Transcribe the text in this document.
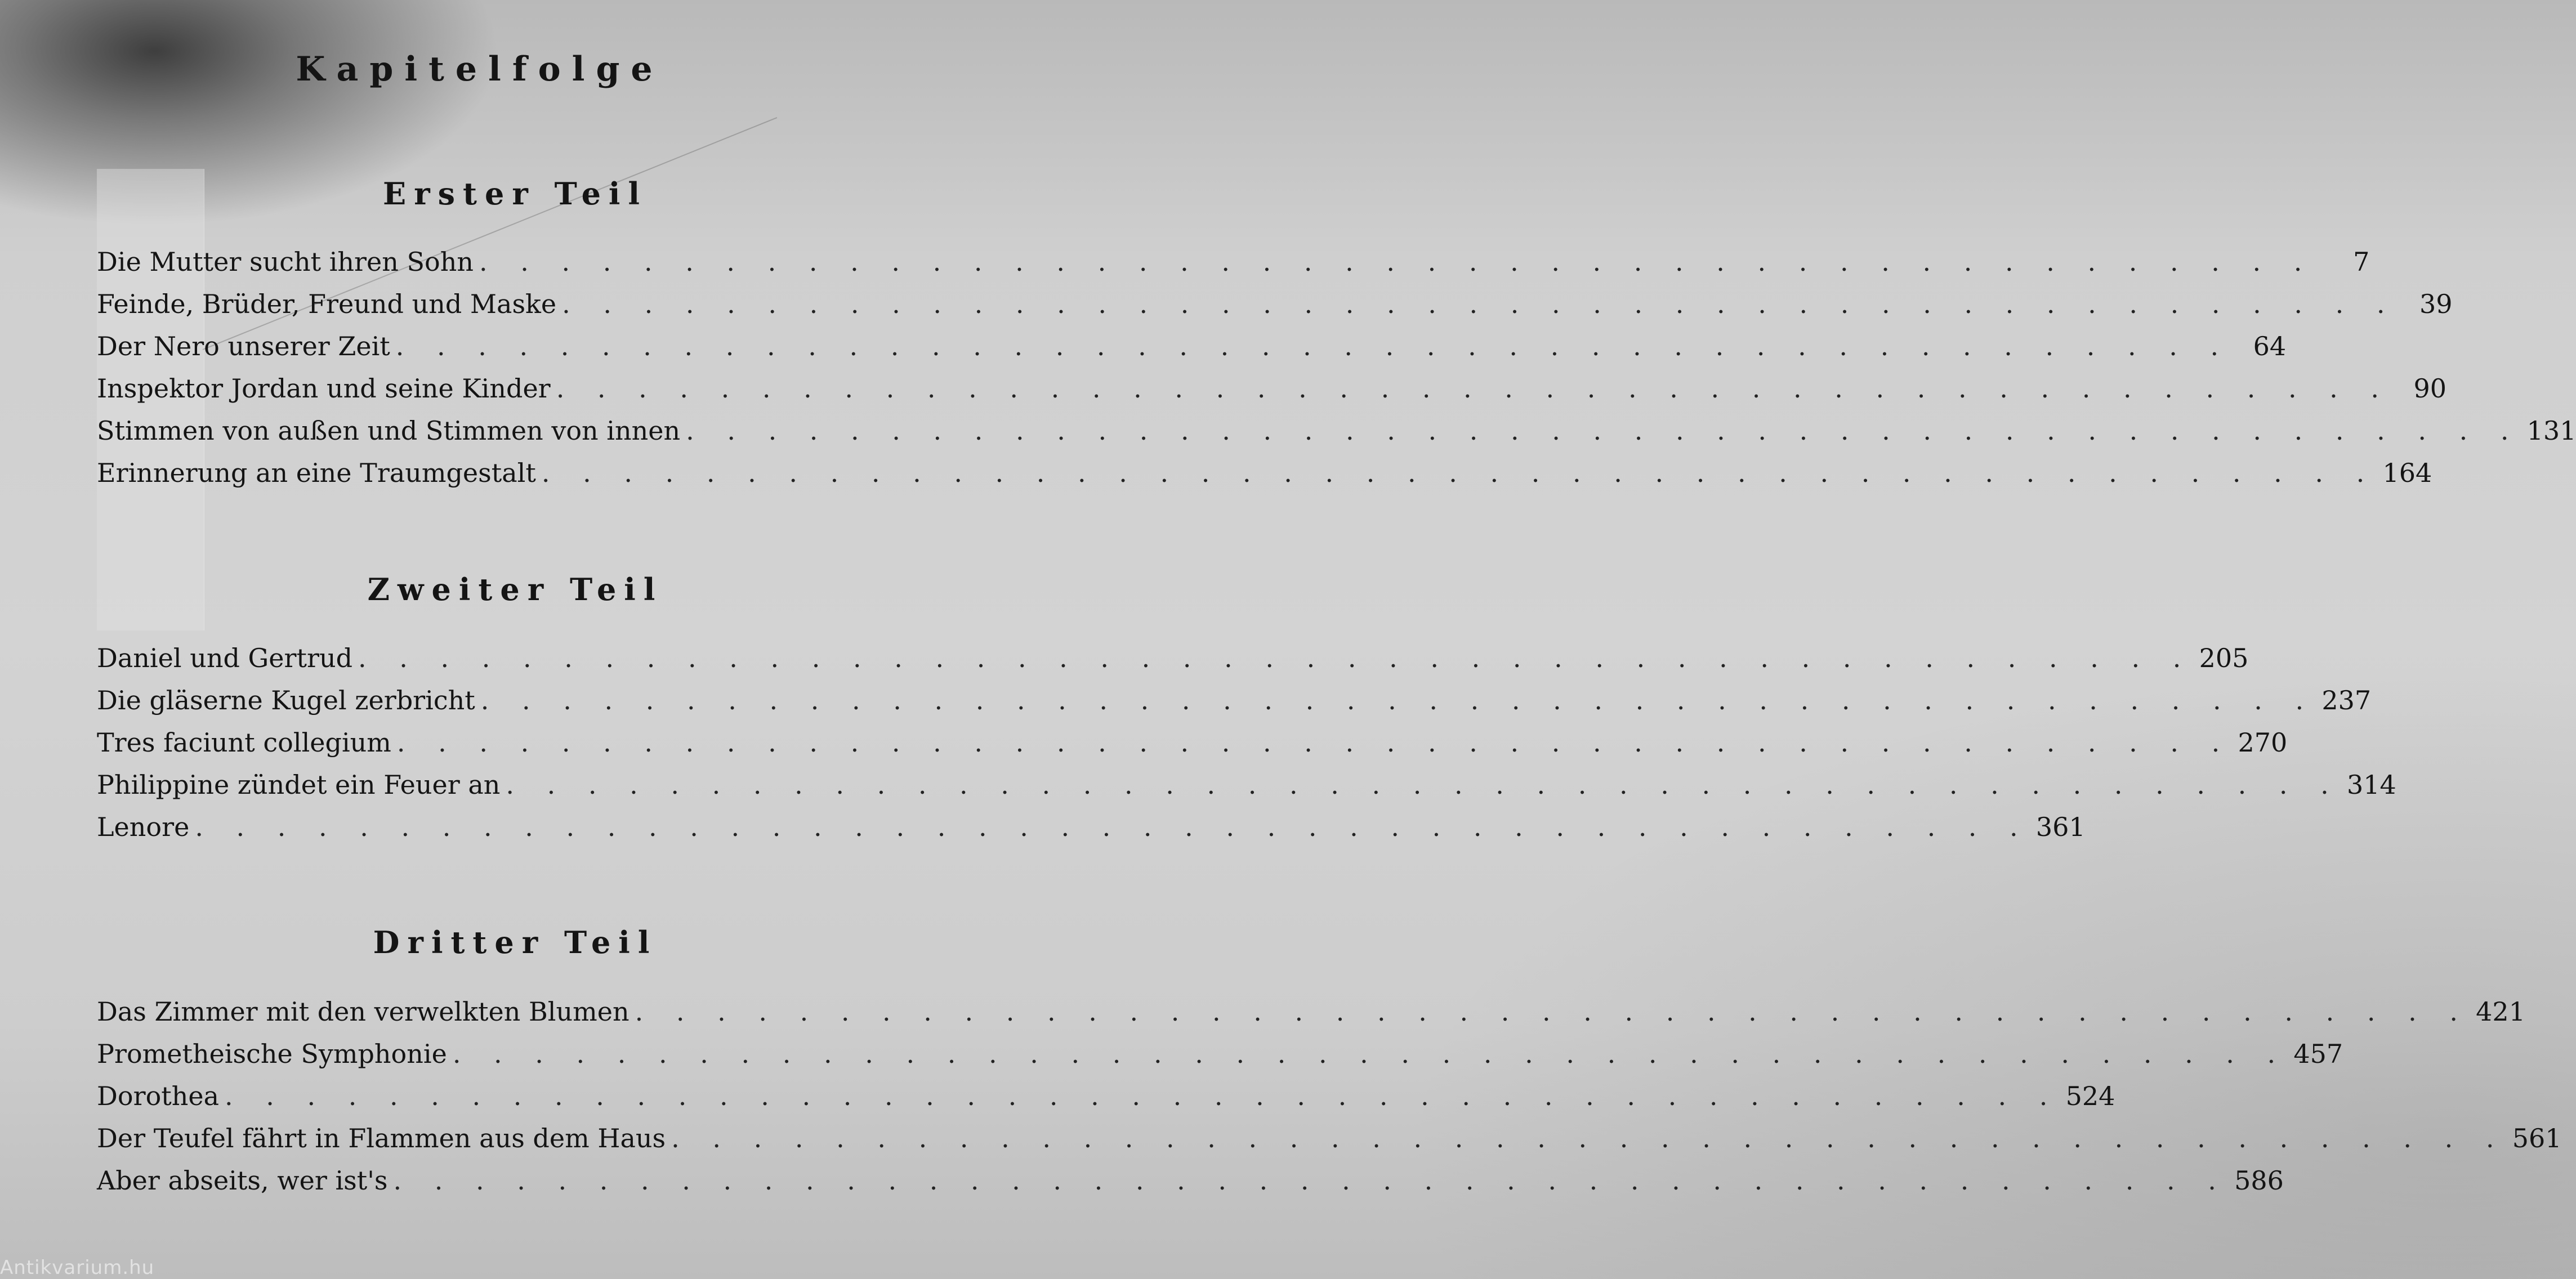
Kapitelfolge
Erster Teil
Die Mutter sucht ihren Sohn . . . . . . . . . . . . . . . . . . . . . . . . . . . . . . . . . . . . . . . . . . . . .	7
Feinde, Brüder, Freund und Maske . . . . . . . . . . . . . . . . . . . . . . . . . . . . . . . . . . . . . . . . . . . . . 39
Der Nero unserer Zeit . . . . . . . . . . . . . . . . . . . . . . . . . . . . . . . . . . . . . . . . . . . . . 64
Inspektor Jordan und seine Kinder . . . . . . . . . . . . . . . . . . . . . . . . . . . . . . . . . . . . . . . . . . . . . 90
Stimmen von außen und Stimmen von innen . . . . . . . . . . . . . . . . . . . . . . . . . . . . . . . . . . . . . . . . . . . . . 131
Erinnerung an eine Traumgestalt . . . . . . . . . . . . . . . . . . . . . . . . . . . . . . . . . . . . . . . . . . . . . 164
Zweiter Teil
Daniel und Gertrud . . . . . . . . . . . . . . . . . . . . . . . . . . . . . . . . . . . . . . . . . . . . . 205
Die gläserne Kugel zerbricht . . . . . . . . . . . . . . . . . . . . . . . . . . . . . . . . . . . . . . . . . . . . . 237
Tres faciunt collegium . . . . . . . . . . . . . . . . . . . . . . . . . . . . . . . . . . . . . . . . . . . . . 270
Philippine zündet ein Feuer an . . . . . . . . . . . . . . . . . . . . . . . . . . . . . . . . . . . . . . . . . . . . . 314
Lenore . . . . . . . . . . . . . . . . . . . . . . . . . . . . . . . . . . . . . . . . . . . . . 361
Dritter Teil
Das Zimmer mit den verwelkten Blumen . . . . . . . . . . . . . . . . . . . . . . . . . . . . . . . . . . . . . . . . . . . . . 421
Prometheische Symphonie . . . . . . . . . . . . . . . . . . . . . . . . . . . . . . . . . . . . . . . . . . . . . 457
Dorothea . . . . . . . . . . . . . . . . . . . . . . . . . . . . . . . . . . . . . . . . . . . . . 524
Der Teufel fährt in Flammen aus dem Haus . . . . . . . . . . . . . . . . . . . . . . . . . . . . . . . . . . . . . . . . . . . . . 561
Aber abseits, wer ist's . . . . . . . . . . . . . . . . . . . . . . . . . . . . . . . . . . . . . . . . . . . . . 586
Antikvarium.hu
